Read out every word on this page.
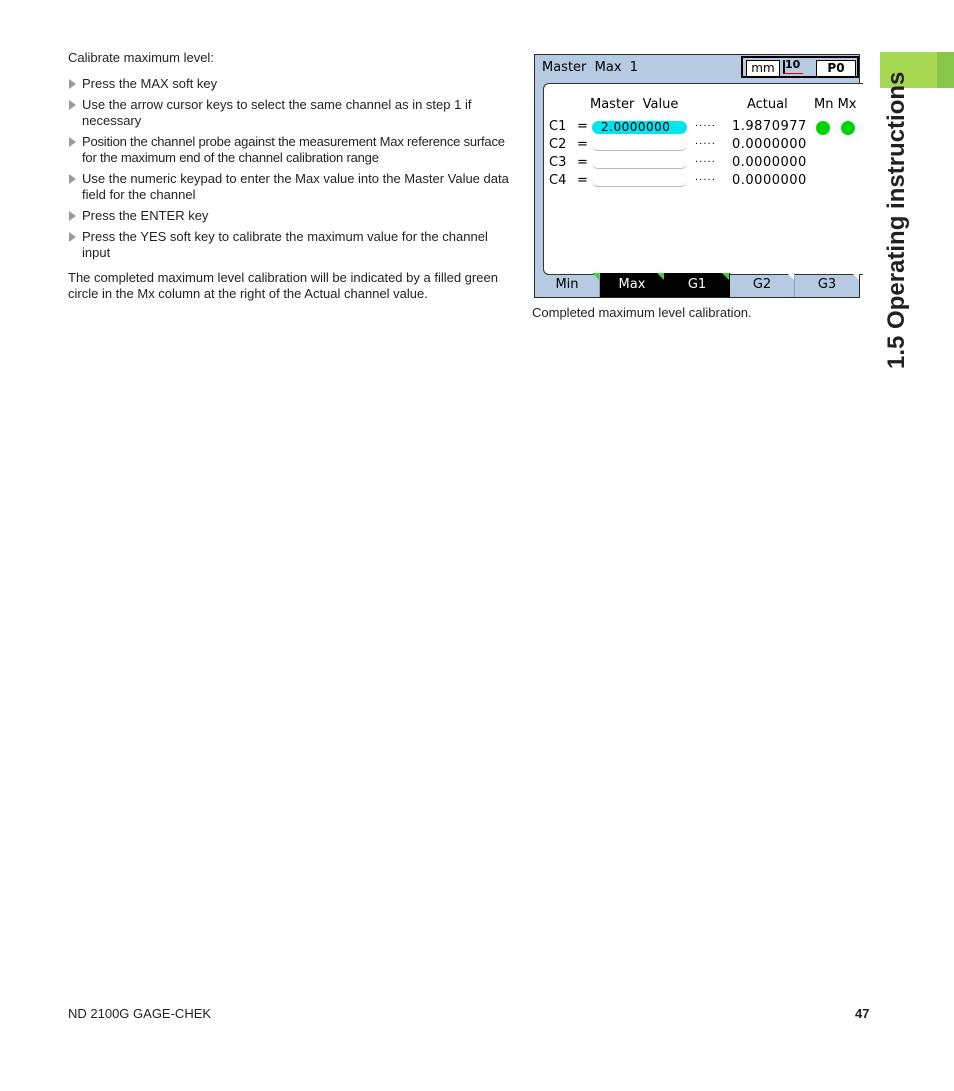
Calibrate maximum level:
Press the MAX soft key
Use the arrow cursor keys to select the same channel as in step 1 if necessary
Position the channel probe against the measurement Max reference surface for the maximum end of the channel calibration range
Use the numeric keypad to enter the Max value into the Master Value data field for the channel
Press the ENTER key
Press the YES soft key to calibrate the maximum value for the channel input
The completed maximum level calibration will be indicated by a filled green circle in the Mx column at the right of the Actual channel value.
Master  Max  1	mm 10	P0
Master  Value	Actual Mn Mx
C1 = 2.0000000 ····· 1.9870977
C2 =	····· 0.0000000
C3 =	····· 0.0000000
C4 =	····· 0.0000000
Min	Max	G1	G2	G3
Completed maximum level calibration.	1.5 Operating instructions
ND 2100G GAGE-CHEK	47
